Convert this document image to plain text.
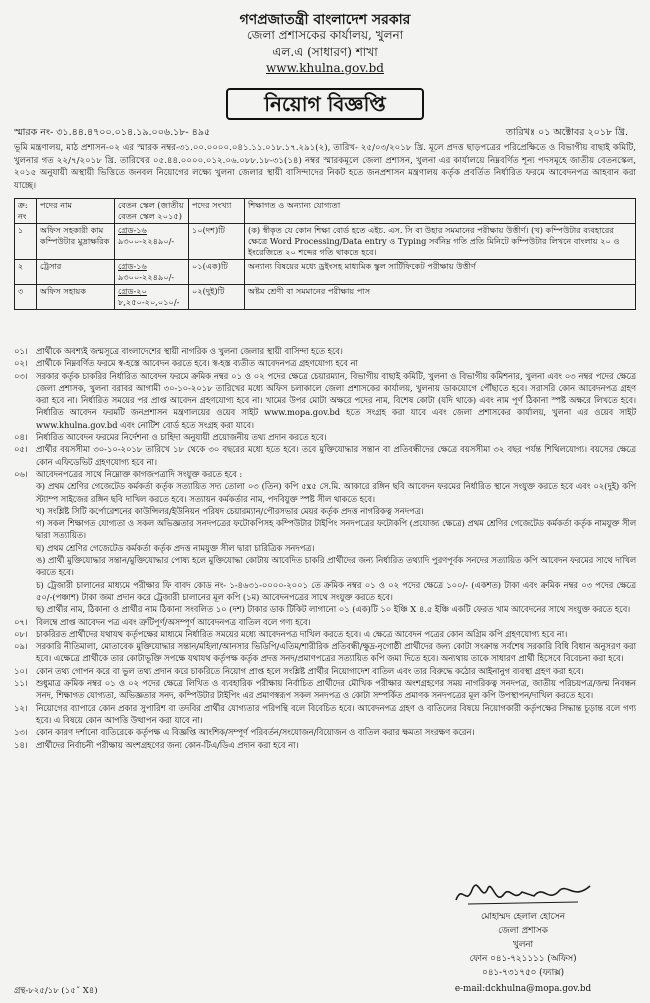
গণপ্রজাতন্ত্রী বাংলাদেশ সরকার
জেলা প্রশাসকের কার্যালয়, খুলনা
এল.এ (সাধারণ) শাখা
www.khulna.gov.bd
নিয়োগ বিজ্ঞপ্তি
স্মারক নং- ৩১.৪৪.৪৭০০.০১৪.১৯.০০৬.১৮- ৪৯৫	তারিখঃ ০১ অক্টোবর ২০১৮ খ্রি.
ভূমি মন্ত্রণালয়, মাঠ প্রশাসন-০২ এর স্মারক নম্বর-৩১.০০.০০০০.০৪১.১১.০১৮.১৭.২৯১(২), তারিখ- ২৫/০৩/২০১৮ খ্রি. মূলে প্রদত্ত ছাড়পত্রের পরিপ্রেক্ষিতে ও বিভাগীয় বাছাই কমিটি, খুলনার গত ২২/৭/২০১৮ খ্রি. তারিখের ০৫.৪৪.০০০০.০১২.০৬.০৮৮.১৮-৩১(১৪) নম্বর স্মারকমূলে জেলা প্রশাসন, খুলনা এর কার্যালয়ে নিম্নবর্ণিত শূন্য পদসমূহে জাতীয় বেতনস্কেল, ২০১৫ অনুযায়ী অস্থায়ী ভিত্তিতে জনবল নিয়োগের লক্ষ্যে খুলনা জেলার স্থায়ী বাসিন্দাদের নিকট হতে জনপ্রশাসন মন্ত্রণালয় কর্তৃক প্রবর্তিত নির্ধারিত ফরমে আবেদনপত্র আহবান করা যাচ্ছে।
ক্র: নং	পদের নাম	বেতন স্কেল (জাতীয় বেতন স্কেল ২০১৫)	পদের সংখ্যা	শিক্ষাগত ও অন্যান্য যোগ্যতা
১	অফিস সহকারী কাম কম্পিউটার মুদ্রাক্ষরিক	গ্রেড-১৬
৯৩০০-২২৪৯০/-	১০(দশ)টি	(ক) স্বীকৃত যে কোন শিক্ষা বোর্ড হতে এইচ. এস. সি বা উহার সমমানের পরীক্ষায় উত্তীর্ণ। (খ) কম্পিউটার ব্যবহারের ক্ষেত্রে Word Processing/Data entry ও Typing সর্বনিম্ন গতি প্রতি মিনিটে কম্পিউটার লিখনে বাংলায় ২০ ও ইংরেজিতে ২০ শব্দের গতি থাকতে হবে।
২	ট্রেসার	গ্রেড-১৬
৯৩০০-২২৪৯০/-	০১(এক)টি	অন্যান্য বিষয়ের মধ্যে ড্রইংসহ মাধ্যমিক স্কুল সার্টিফিকেট পরীক্ষায় উত্তীর্ণ
৩	অফিস সহায়ক	গ্রেড-২০
৮,২৫০-২০,০১০/-	০২(দুই)টি	অষ্টম শ্রেণী বা সমমানের পরীক্ষায় পাস
০১। প্রার্থীকে অবশ্যই জন্মসূত্রে বাংলাদেশের স্থায়ী নাগরিক ও খুলনা জেলার স্থায়ী বাসিন্দা হতে হবে।
০২। প্রার্থীকে নিম্নবর্ণিত ফরমে স্ব-হস্তে আবেদন করতে হবে। স্ব-হস্ত ব্যতীত আবেদনপত্র গ্রহণযোগ্য হবে না
০৩। সরকার কর্তৃক চাকরির নির্ধারিত আবেদন ফরমে ক্রমিক নম্বর ০১ ও ০২ পদের ক্ষেত্রে চেয়ারম্যান, বিভাগীয় বাছাই কমিটি, খুলনা ও বিভাগীয় কমিশনার, খুলনা এবং ০৩ নম্বর পদের ক্ষেত্রে জেলা প্রশাসক, খুলনা বরাবর আগামী ৩০-১০-২০১৮ তারিখের মধ্যে অফিস চলাকালে জেলা প্রশাসকের কার্যালয়, খুলনায় ডাকযোগে পৌঁছাতে হবে। সরাসরি কোন আবেদনপত্র গ্রহণ করা হবে না। নির্ধারিত সময়ের পর প্রাপ্ত আবেদন গ্রহণযোগ্য হবে না। খামের উপর মোটা অক্ষরে পদের নাম, বিশেষ কোটা (যদি থাকে) এবং নাম পূর্ণ ঠিকানা স্পষ্ট অক্ষরে লিখতে হবে। নির্ধারিত আবেদন ফরমটি জনপ্রশাসন মন্ত্রণালয়ের ওয়েব সাইট www.mopa.gov.bd হতে সংগ্রহ করা যাবে এবং জেলা প্রশাসকের কার্যালয়, খুলনা এর ওয়েব সাইট www.khulna.gov.bd এবং নোটিশ বোর্ড হতে সংগ্রহ করা যাবে।
০৪। নির্ধারিত আবেদন ফরমের নির্দেশনা ও চাহিদা অনুযায়ী প্রয়োজনীয় তথ্য প্রদান করতে হবে।
০৫। প্রার্থীর বয়সসীমা ৩০-১০-২০১৮ তারিখে ১৮ থেকে ৩০ বছরের মধ্যে হতে হবে। তবে মুক্তিযোদ্ধার সন্তান বা প্রতিবন্ধীদের ক্ষেত্রে বয়সসীমা ৩২ বছর পর্যন্ত শিথিলযোগ্য। বয়সের ক্ষেত্রে কোন এফিডেভিট গ্রহণযোগ্য হবে না।
০৬। আবেদনপত্রের সাথে নিম্নোক্ত কাগজপত্রাদি সংযুক্ত করতে হবে :
ক) প্রথম শ্রেণির গেজেটেড কর্মকর্তা কর্তৃক সত্যায়িত সদ্য তোলা ০৩ (তিন) কপি ৫x৫ সে.মি. আকারে রঙ্গিন ছবি আবেদন ফরমের নির্ধারিত স্থানে সংযুক্ত করতে হবে এবং ০২(দুই) কপি স্ট্যাম্প সাইজের রঙ্গিন ছবি দাখিল করতে হবে। সত্যায়ন কর্মকর্তার নাম, পদবিযুক্ত স্পষ্ট সীল থাকতে হবে।
খ) সংশ্লিষ্ট সিটি কর্পোরেশনের কাউন্সিলর/ইউনিয়ন পরিষদ চেয়ারম্যান/পৌরসভার মেয়র কর্তৃক প্রদত্ত নাগরিকত্ব সনদপত্র।
গ) সকল শিক্ষাগত যোগ্যতা ও সকল অভিজ্ঞতার সনদপত্রের ফটোকপিসহ কম্পিউটার টাইপিং সনদপত্রের ফটোকপি (প্রযোজ্য ক্ষেত্রে) প্রথম শ্রেণির গেজেটেড কর্মকর্তা কর্তৃক নামযুক্ত সীল দ্বারা সত্যায়িত।
ঘ) প্রথম শ্রেণির গেজেটেড কর্মকর্তা কর্তৃক প্রদত্ত নামযুক্ত সীল দ্বারা চারিত্রিক সনদপত্র।
ঙ) প্রার্থী মুক্তিযোদ্ধার সন্তান/মুক্তিযোদ্ধার পোষ্য হলে মুক্তিযোদ্ধা কোটায় আবেদিত চাকরি প্রার্থীদের জন্য নির্ধারিত তথ্যাদি পুরণপূর্বক সনদের সত্যায়িত কপি আবেদন ফরমের সাথে দাখিল করতে হবে।
চ) ট্রেজারী চালানের মাধ্যমে পরীক্ষার ফি বাবদ কোড নং- ১-৪৬৩১-০০০০-২০০১ তে ক্রমিক নম্বর ০১ ও ০২ পদের ক্ষেত্রে ১০০/- (একশত) টাকা এবং ক্রমিক নম্বর ০৩ পদের ক্ষেত্রে ৫০/-(পঞ্চাশ) টাকা জমা প্রদান করে ট্রেজারী চালানের মূল কপি (১ম) আবেদনপত্রের সাথে সংযুক্ত করতে হবে।
ছ) প্রার্থীর নাম, ঠিকানা ও প্রার্থীর নাম ঠিকানা সংবলিত ১০ (দশ) টাকার ডাক টিকিট লাগানো ০১ (এক)টি ১০ ইঞ্চি X ৪.৫ ইঞ্চি একটি ফেরত খাম আবেদনের সাথে সংযুক্ত করতে হবে।
০৭। বিলম্বে প্রাপ্ত আবেদন পত্র এবং ত্রুটিপূর্ণ/অসম্পূর্ণ আবেদনপত্র বাতিল বলে গণ্য হবে।
০৮। চাকরিরত প্রার্থীদের যথাযথ কর্তৃপক্ষের মাধ্যমে নির্ধারিত সময়ের মধ্যে আবেদনপত্র দাখিল করতে হবে। এ ক্ষেত্রে আবেদন পত্রের কোন অগ্রিম কপি গ্রহণযোগ্য হবে না।
০৯। সরকারি নীতিমালা, মোতাবেক মুক্তিযোদ্ধার সন্তান/মহিলা/আনসার ভিডিপি/এতিম/শারীরিক প্রতিবন্ধী/ক্ষুদ্র-নৃগোষ্ঠী প্রার্থীদের জন্য কোটা সংক্রান্ত সর্বশেষ সরকারি বিধি বিধান অনুসরণ করা হবে। এক্ষেত্রে প্রার্থীকে তার কোটাভূক্তি সপক্ষে যথাযথ কর্তৃপক্ষ কর্তৃক প্রদত্ত সনদ/প্রমাণপত্রের সত্যায়িত কপি জমা দিতে হবে। অন্যথায় তাকে সাধারণ প্রার্থী হিসেবে বিবেচনা করা হবে।
১০। কোন তথ্য গোপন করে বা ভুল তথ্য প্রদান করে চাকরিতে নিয়োগ প্রাপ্ত হলে সংশ্লিষ্ট প্রার্থীর নিয়োগাদেশ বাতিল এবং তার বিরুদ্ধে কঠোর আইনানুগ ব্যবস্থা গ্রহণ করা হবে।
১১। শুধুমাত্র ক্রমিক নম্বর ০১ ও ০২ পদের ক্ষেত্রে লিখিত ও ব্যবহারিক পরীক্ষায় নির্বাচিত প্রার্থীদের মৌখিক পরীক্ষার অংশগ্রহণের সময় নাগরিকত্ব সনদপত্র, জাতীয় পরিচয়পত্র/জন্ম নিবন্ধন সনদ, শিক্ষাগত যোগ্যতা, অভিজ্ঞতার সনদ, কম্পিউটার টাইপিং এর প্রমাণস্বরূপ সকল সনদপত্র ও কোটা সম্পর্কিত প্রমাণক সনদপত্রের মূল কপি উপস্থাপন/দাখিল করতে হবে।
১২। নিয়োগের ব্যাপারে কোন প্রকার সুপারিশ বা তদবির প্রার্থীর যোগ্যতার পরিপন্থি বলে বিবেচিত হবে। আবেদনপত্র গ্রহণ ও বাতিলের বিষয়ে নিয়োগকারী কর্তৃপক্ষের সিদ্ধান্ত চূড়ান্ত বলে গণ্য হবে। এ বিষয়ে কোন আপত্তি উত্থাপন করা যাবে না।
১৩। কোন কারণ দর্শানো ব্যতিরেকে কর্তৃপক্ষ এ বিজ্ঞপ্তি আংশিক/সম্পূর্ণ পরিবর্তন/সংযোজন/বিয়োজন ও বাতিল করার ক্ষমতা সংরক্ষণ করেন।
১৪। প্রার্থীদের নির্বাচনী পরীক্ষায় অংশগ্রহণের জন্য কোন-টিএ/ডিএ প্রদান করা হবে না।
মোহাম্মদ হেলাল হোসেন
জেলা প্রশাসক
খুলনা
ফোন ০৪১-৭২১১১১ (অফিস)
০৪১-৭৩১৭৫০ (ফ্যাক্স)
গ্রন্থ-৮২৫/১৮ (১৫˝ X৪)	e-mail:dckhulna@mopa.gov.bd
